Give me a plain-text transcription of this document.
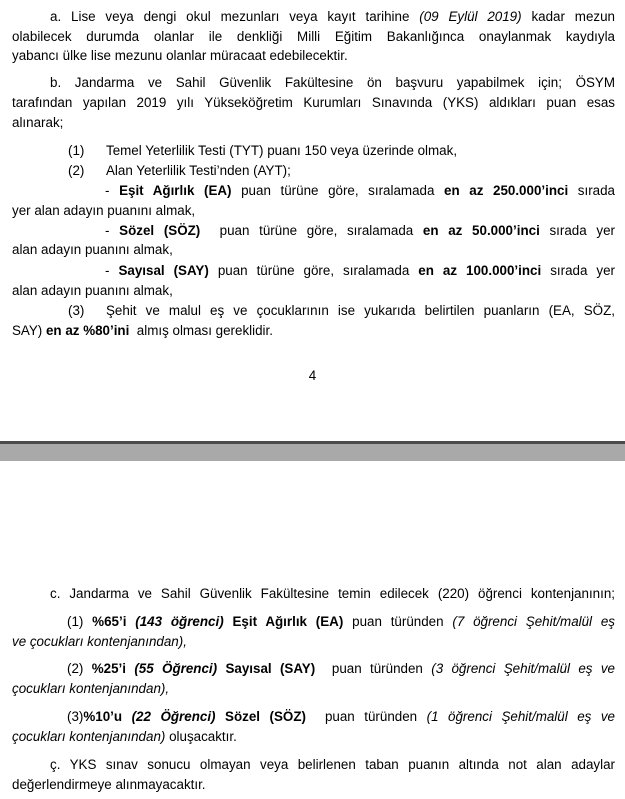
a. Lise veya dengi okul mezunları veya kayıt tarihine (09 Eylül 2019) kadar mezun
olabilecek durumda olanlar ile denkliği Milli Eğitim Bakanlığınca onaylanmak kaydıyla
yabancı ülke lise mezunu olanlar müracaat edebilecektir.
b. Jandarma ve Sahil Güvenlik Fakültesine ön başvuru yapabilmek için; ÖSYM
tarafından yapılan 2019 yılı Yükseköğretim Kurumları Sınavında (YKS) aldıkları puan esas
alınarak;
(1)	Temel Yeterlilik Testi (TYT) puanı 150 veya üzerinde olmak,
(2)	Alan Yeterlilik Testi’nden (AYT);
- Eşit Ağırlık (EA) puan türüne göre, sıralamada en az 250.000’inci sırada
yer alan adayın puanını almak,
- Sözel (SÖZ)  puan türüne göre, sıralamada en az 50.000’inci sırada yer
alan adayın puanını almak,
- Sayısal (SAY) puan türüne göre, sıralamada en az 100.000’inci sırada yer
alan adayın puanını almak,
(3)	Şehit ve malul eş ve çocuklarının ise yukarıda belirtilen puanların (EA, SÖZ,
SAY) en az %80’ini  almış olması gereklidir.
4
c. Jandarma ve Sahil Güvenlik Fakültesine temin edilecek (220) öğrenci kontenjanının;
(1) %65’i (143 öğrenci) Eşit Ağırlık (EA) puan türünden (7 öğrenci Şehit/malül eş
ve çocukları kontenjanından),
(2) %25’i (55 Öğrenci) Sayısal (SAY)  puan türünden (3 öğrenci Şehit/malül eş ve
çocukları kontenjanından),
(3)%10’u (22 Öğrenci) Sözel (SÖZ)  puan türünden (1 öğrenci Şehit/malül eş ve
çocukları kontenjanından) oluşacaktır.
ç. YKS sınav sonucu olmayan veya belirlenen taban puanın altında not alan adaylar
değerlendirmeye alınmayacaktır.
